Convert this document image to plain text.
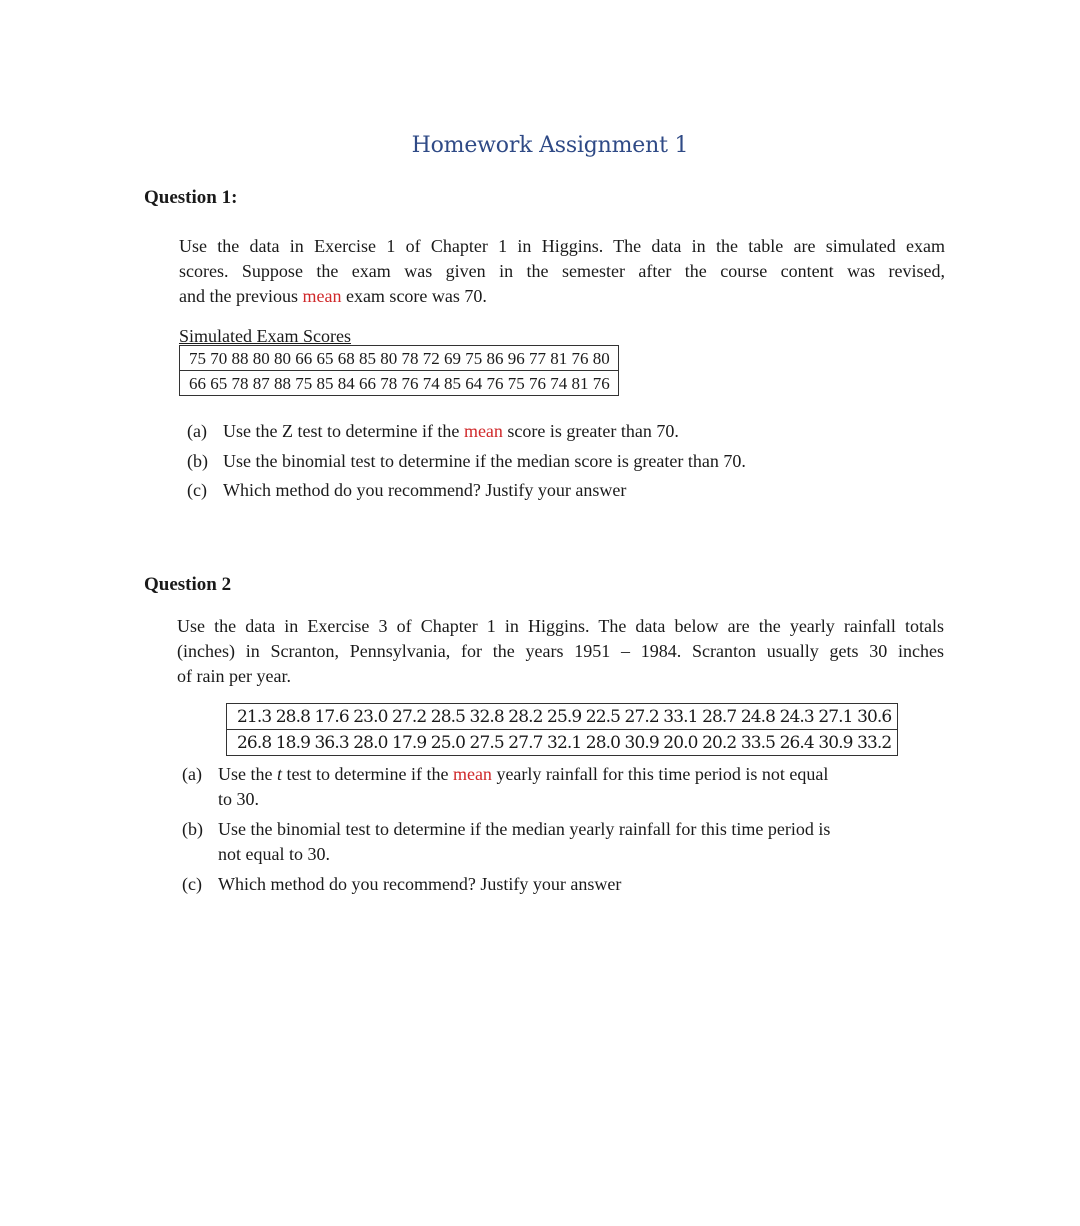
Homework Assignment 1
Question 1:
Use the data in Exercise 1 of Chapter 1 in Higgins. The data in the table are simulated exam
scores. Suppose the exam was given in the semester after the course content was revised,
and the previous mean exam score was 70.
Simulated Exam Scores
75 70 88 80 80 66 65 68 85 80 78 72 69 75 86 96 77 81 76 80
66 65 78 87 88 75 85 84 66 78 76 74 85 64 76 75 76 74 81 76
(a) Use the Z test to determine if the mean score is greater than 70.
(b) Use the binomial test to determine if the median score is greater than 70.
(c) Which method do you recommend? Justify your answer
Question 2
Use the data in Exercise 3 of Chapter 1 in Higgins. The data below are the yearly rainfall totals
(inches) in Scranton, Pennsylvania, for the years 1951 – 1984. Scranton usually gets 30 inches
of rain per year.
21.3 28.8 17.6 23.0 27.2 28.5 32.8 28.2 25.9 22.5 27.2 33.1 28.7 24.8 24.3 27.1 30.6
26.8 18.9 36.3 28.0 17.9 25.0 27.5 27.7 32.1 28.0 30.9 20.0 20.2 33.5 26.4 30.9 33.2
(a) Use the t test to determine if the mean yearly rainfall for this time period is not equal
to 30.
(b) Use the binomial test to determine if the median yearly rainfall for this time period is
not equal to 30.
(c) Which method do you recommend? Justify your answer
